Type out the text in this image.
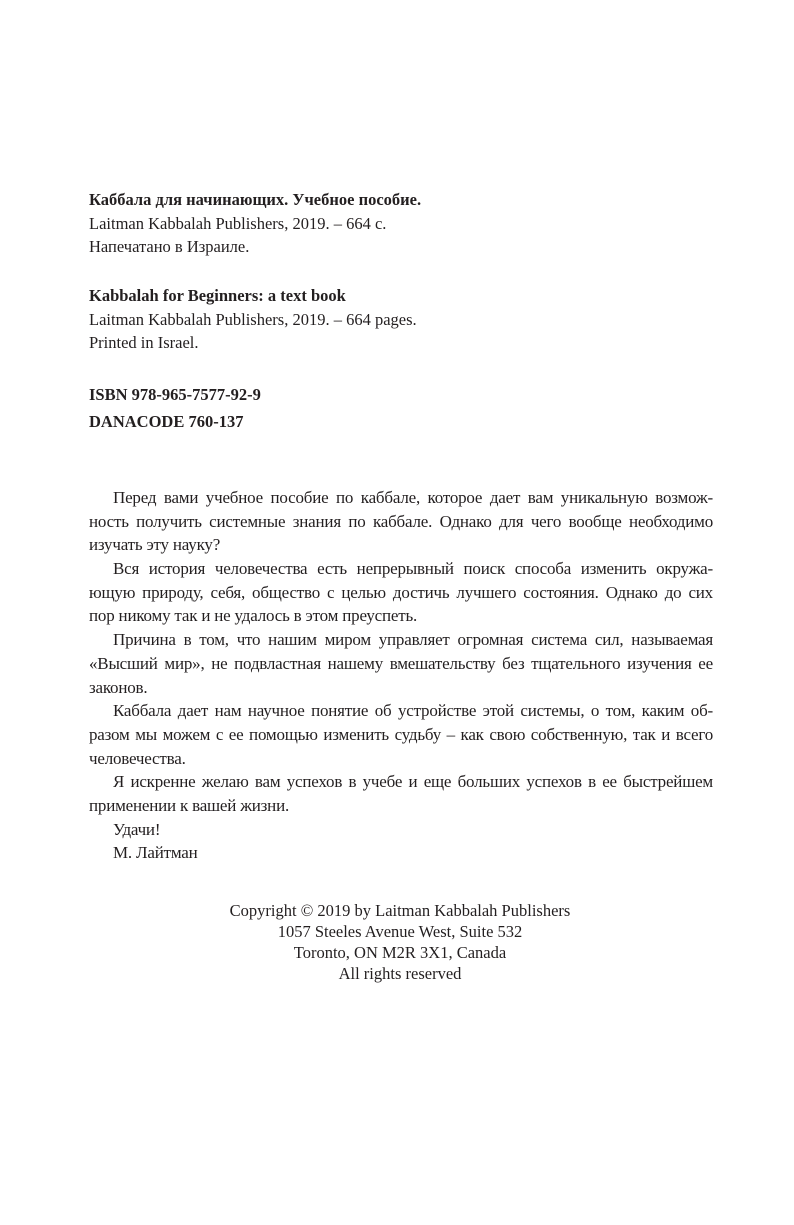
Каббала для начинающих. Учебное пособие.
Laitman Kabbalah Publishers, 2019. – 664 с.
Напечатано в Израиле.
Kabbalah for Beginners: a text book
Laitman Kabbalah Publishers, 2019. – 664 pages.
Printed in Israel.
ISBN 978-965-7577-92-9
DANACODE 760-137
Перед вами учебное пособие по каббале, которое дает вам уникальную возмож-
ность получить системные знания по каббале. Однако для чего вообще необходимо
изучать эту науку?
Вся история человечества есть непрерывный поиск способа изменить окружа-
ющую природу, себя, общество с целью достичь лучшего состояния. Однако до сих
пор никому так и не удалось в этом преуспеть.
Причина в том, что нашим миром управляет огромная система сил, называемая
«Высший мир», не подвластная нашему вмешательству без тщательного изучения ее
законов.
Каббала дает нам научное понятие об устройстве этой системы, о том, каким об-
разом мы можем с ее помощью изменить судьбу – как свою собственную, так и всего
человечества.
Я искренне желаю вам успехов в учебе и еще больших успехов в ее быстрейшем
применении к вашей жизни.
Удачи!
М. Лайтман
Copyright © 2019 by Laitman Kabbalah Publishers
1057 Steeles Avenue West, Suite 532
Toronto, ON M2R 3X1, Canada
All rights reserved
